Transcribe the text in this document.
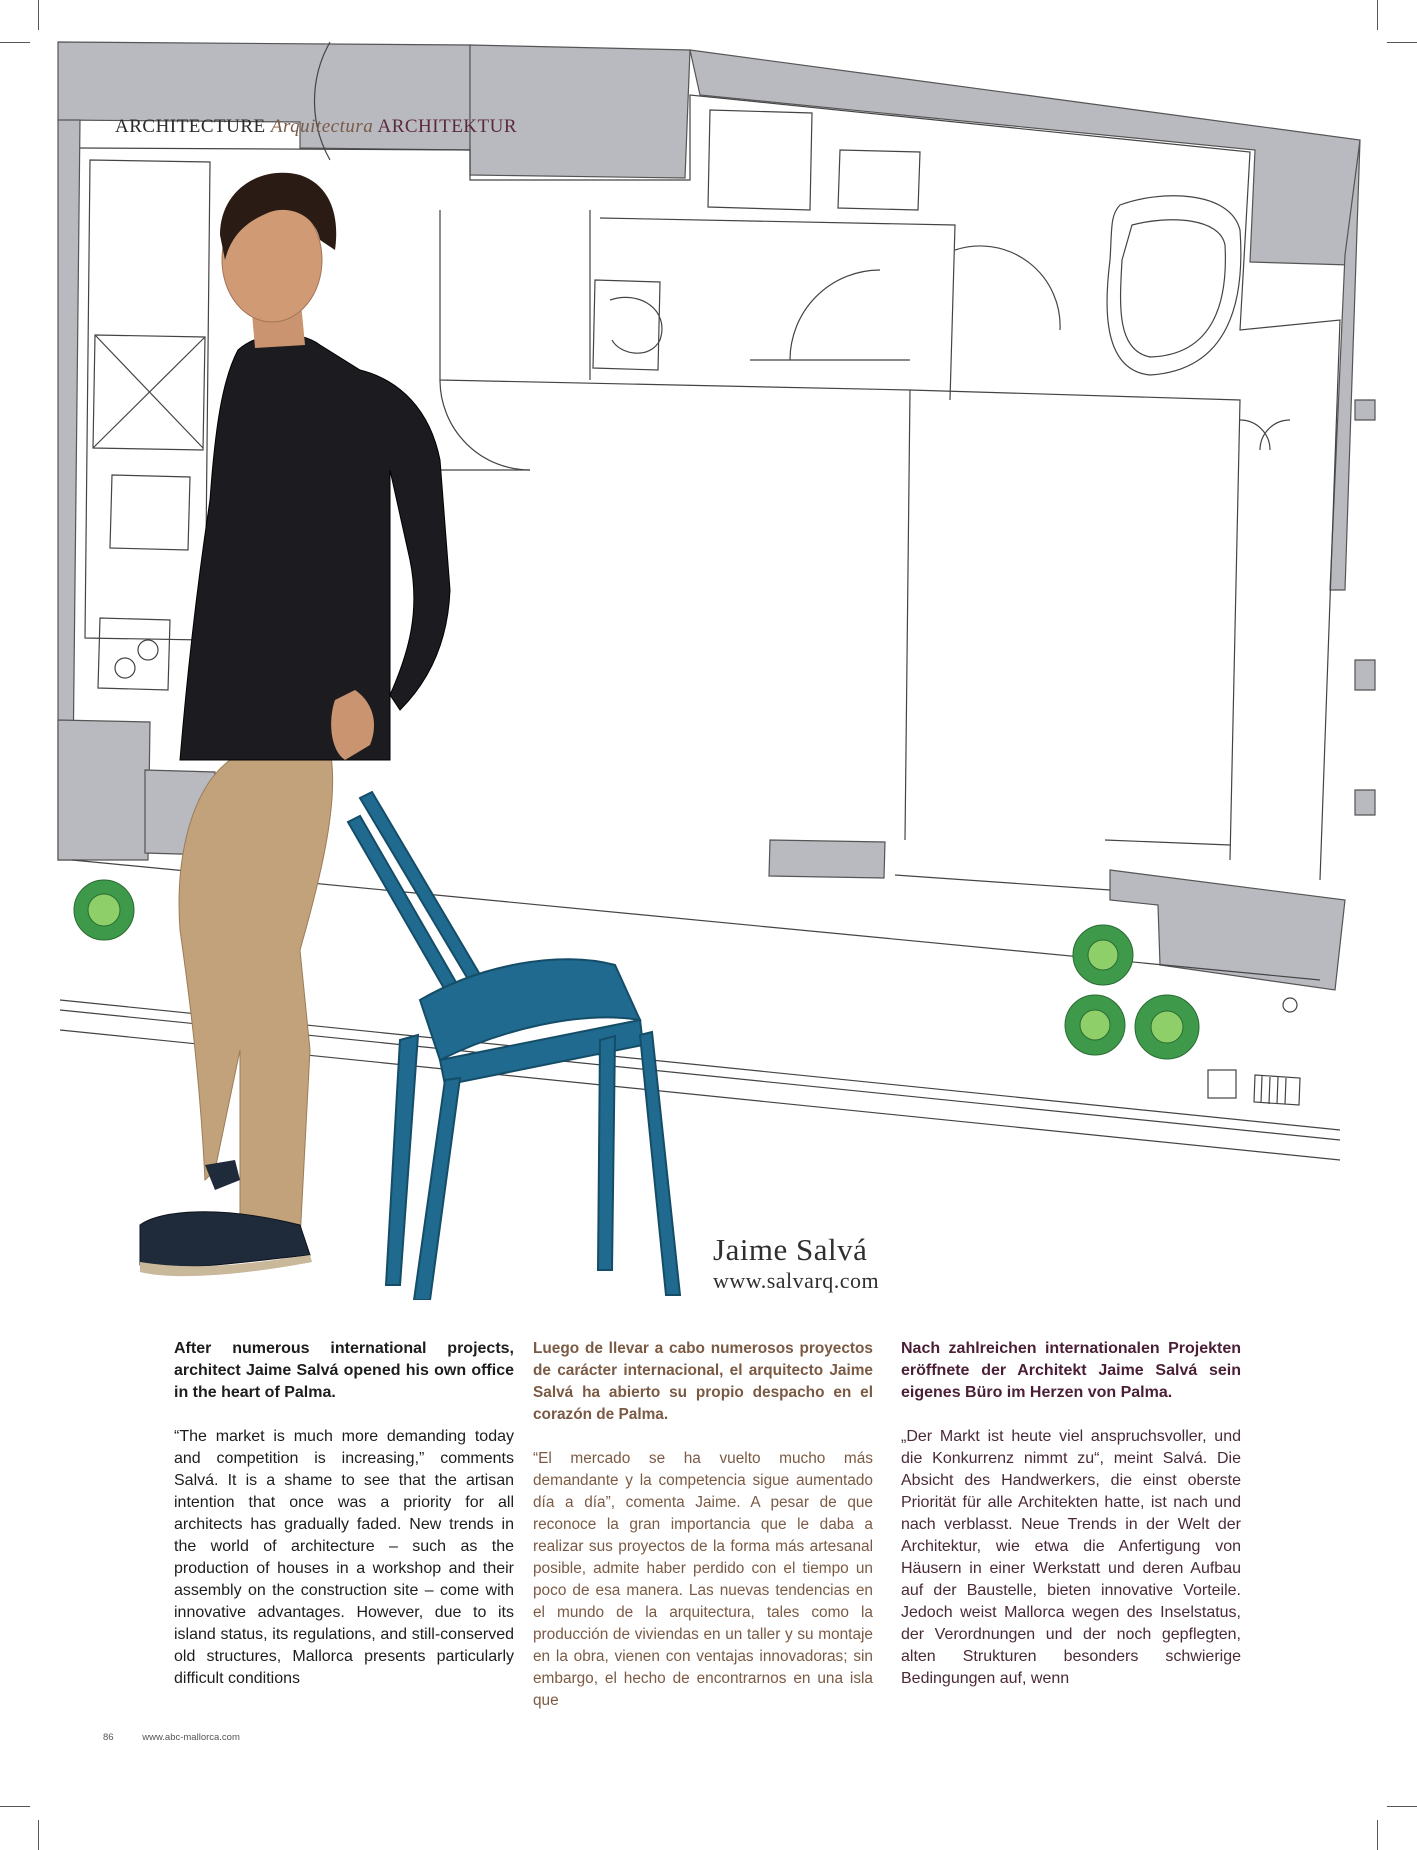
ARCHITECTURE Arquitectura ARCHITEKTUR
Jaime Salvá
www.salvarq.com

After numerous international projects, architect Jaime Salvá opened his own office in the heart of Palma.

“The market is much more demanding today and competition is increasing,” comments Salvá. It is a shame to see that the artisan intention that once was a priority for all architects has gradually faded. New trends in the world of architecture – such as the production of houses in a workshop and their assembly on the construction site – come with innovative advantages. However, due to its island status, its regulations, and still-conserved old structures, Mallorca presents particularly difficult conditions

Luego de llevar a cabo numerosos proyectos de carácter internacional, el arquitecto Jaime Salvá ha abierto su propio despacho en el corazón de Palma.

“El mercado se ha vuelto mucho más demandante y la competencia sigue aumentado día a día”, comenta Jaime. A pesar de que reconoce la gran importancia que le daba a realizar sus proyectos de la forma más artesanal posible, admite haber perdido con el tiempo un poco de esa manera. Las nuevas tendencias en el mundo de la arquitectura, tales como la producción de viviendas en un taller y su montaje en la obra, vienen con ventajas innovadoras; sin embargo, el hecho de encontrarnos en una isla que

Nach zahlreichen internationalen Projekten eröffnete der Architekt Jaime Salvá sein eigenes Büro im Herzen von Palma.

„Der Markt ist heute viel anspruchsvoller, und die Konkurrenz nimmt zu“, meint Salvá. Die Absicht des Handwerkers, die einst oberste Priorität für alle Architekten hatte, ist nach und nach verblasst. Neue Trends in der Welt der Architektur, wie etwa die Anfertigung von Häusern in einer Werkstatt und deren Aufbau auf der Baustelle, bieten innovative Vorteile. Jedoch weist Mallorca wegen des Inselstatus, der Verordnungen und der noch gepflegten, alten Strukturen besonders schwierige Bedingungen auf, wenn

86	www.abc-mallorca.com
